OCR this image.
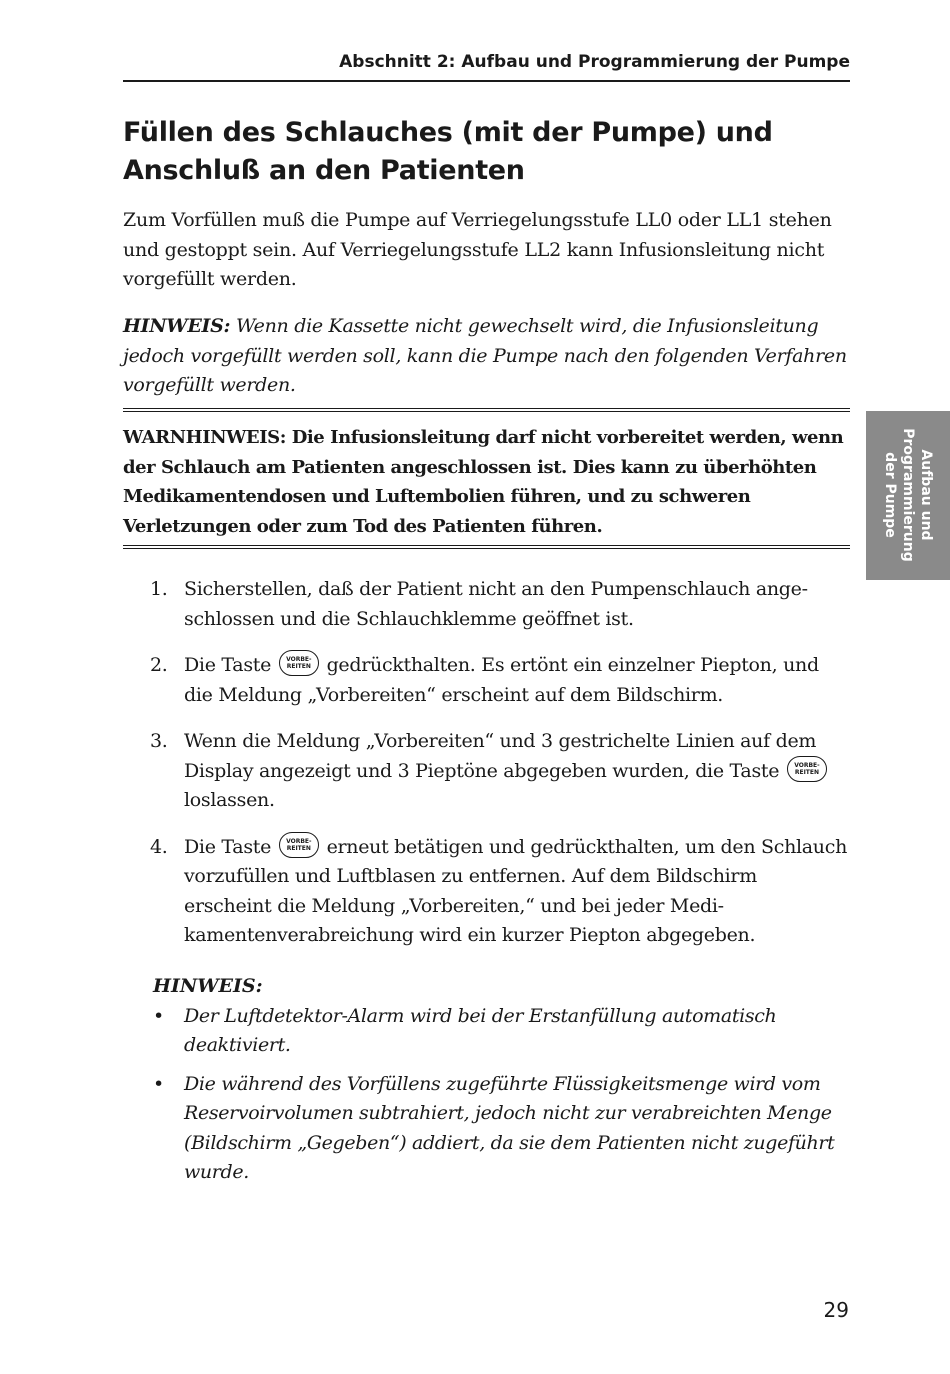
Abschnitt 2: Aufbau und Programmierung der Pumpe
Füllen des Schlauches (mit der Pumpe) und Anschluß an den Patienten

Zum Vorfüllen muß die Pumpe auf Verriegelungsstufe LL0 oder LL1 stehen und gestoppt sein. Auf Verriegelungsstufe LL2 kann Infusionsleitung nicht vorgefüllt werden.

HINWEIS: Wenn die Kassette nicht gewechselt wird, die Infusionsleitung jedoch vorgefüllt werden soll, kann die Pumpe nach den folgenden Verfahren vorgefüllt werden.

WARNHINWEIS: Die Infusionsleitung darf nicht vorbereitet werden, wenn der Schlauch am Patienten angeschlossen ist. Dies kann zu überhöhten Medikamentendosen und Luftembolien führen, und zu schweren Verletzungen oder zum Tod des Patienten führen.	Aufbau und Programmierung der Pumpe
1. Sicherstellen, daß der Patient nicht an den Pumpenschlauch angeschlossen und die Schlauchklemme geöffnet ist.
2. Die Taste	VORBE-
REITEN gedrückthalten. Es ertönt ein einzelner Piepton, und die Meldung „Vorbereiten“ erscheint auf dem Bildschirm.
3. Wenn die Meldung „Vorbereiten“ und 3 gestrichelte Linien auf dem Display angezeigt und 3 Pieptöne abgegeben wurden, die Taste	VORBE-
REITEN
loslassen.
4. Die Taste	VORBE-
REITEN erneut betätigen und gedrückthalten, um den Schlauch vorzufüllen und Luftblasen zu entfernen. Auf dem Bildschirm erscheint die Meldung „Vorbereiten,“ und bei jeder Medikamentenverabreichung wird ein kurzer Piepton abgegeben.

HINWEIS:

• Der Luftdetektor-Alarm wird bei der Erstanfüllung automatisch deaktiviert.
• Die während des Vorfüllens zugeführte Flüssigkeitsmenge wird vom Reservoirvolumen subtrahiert, jedoch nicht zur verabreichten Menge (Bildschirm „Gegeben“) addiert, da sie dem Patienten nicht zugeführt wurde.
29
